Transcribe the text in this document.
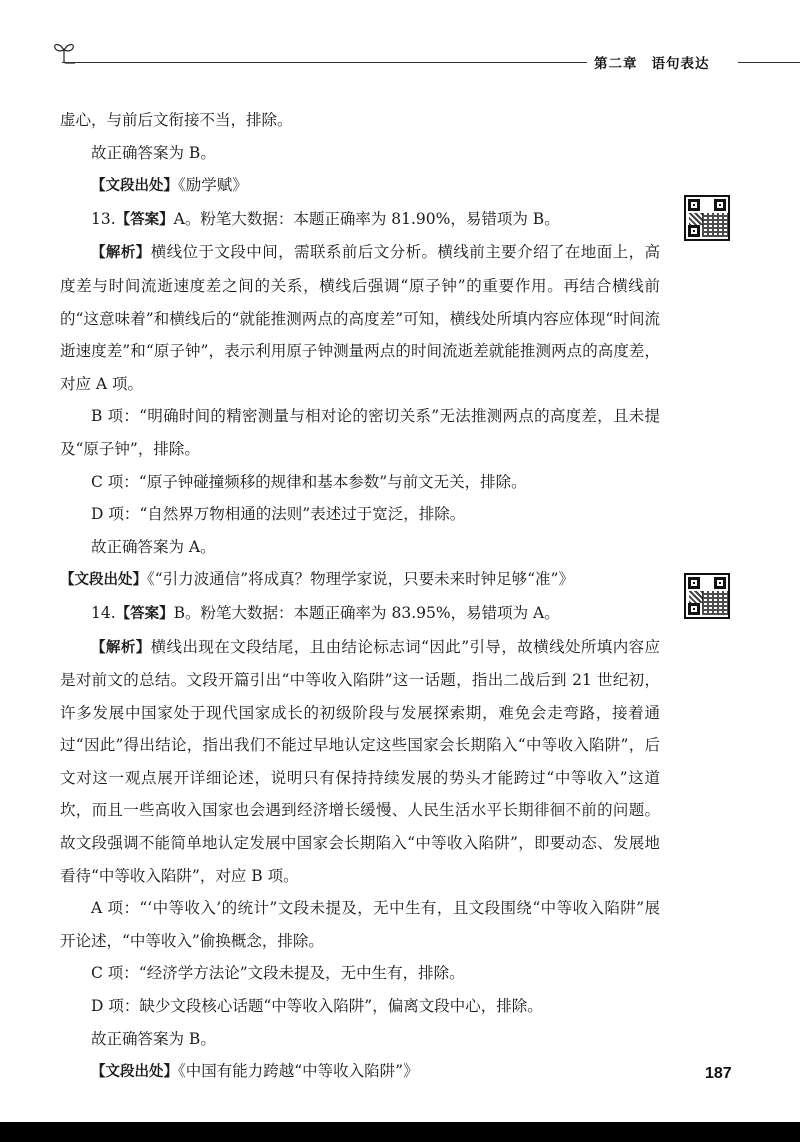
第二章 语句表达

虚心，与前后文衔接不当，排除。

故正确答案为 B。

【文段出处】《励学赋》

13.【答案】A。粉笔大数据：本题正确率为 81.90%，易错项为 B。

【解析】横线位于文段中间，需联系前后文分析。横线前主要介绍了在地面上，高度差与时间流逝速度差之间的关系，横线后强调“原子钟”的重要作用。再结合横线前的“这意味着”和横线后的“就能推测两点的高度差”可知，横线处所填内容应体现“时间流逝速度差”和“原子钟”，表示利用原子钟测量两点的时间流逝差就能推测两点的高度差，对应 A 项。

B 项：“明确时间的精密测量与相对论的密切关系”无法推测两点的高度差，且未提及“原子钟”，排除。

C 项：“原子钟碰撞频移的规律和基本参数”与前文无关，排除。

D 项：“自然界万物相通的法则”表述过于宽泛，排除。

故正确答案为 A。

【文段出处】《“引力波通信”将成真？物理学家说，只要未来时钟足够“准”》

14.【答案】B。粉笔大数据：本题正确率为 83.95%，易错项为 A。

【解析】横线出现在文段结尾，且由结论标志词“因此”引导，故横线处所填内容应是对前文的总结。文段开篇引出“中等收入陷阱”这一话题，指出二战后到 21 世纪初，许多发展中国家处于现代国家成长的初级阶段与发展探索期，难免会走弯路，接着通过“因此”得出结论，指出我们不能过早地认定这些国家会长期陷入“中等收入陷阱”，后文对这一观点展开详细论述，说明只有保持持续发展的势头才能跨过“中等收入”这道坎，而且一些高收入国家也会遇到经济增长缓慢、人民生活水平长期徘徊不前的问题。故文段强调不能简单地认定发展中国家会长期陷入“中等收入陷阱”，即要动态、发展地看待“中等收入陷阱”，对应 B 项。

A 项：“‘中等收入’的统计”文段未提及，无中生有，且文段围绕“中等收入陷阱”展开论述，“中等收入”偷换概念，排除。

C 项：“经济学方法论”文段未提及，无中生有，排除。

D 项：缺少文段核心话题“中等收入陷阱”，偏离文段中心，排除。

故正确答案为 B。

【文段出处】《中国有能力跨越“中等收入陷阱”》	187
